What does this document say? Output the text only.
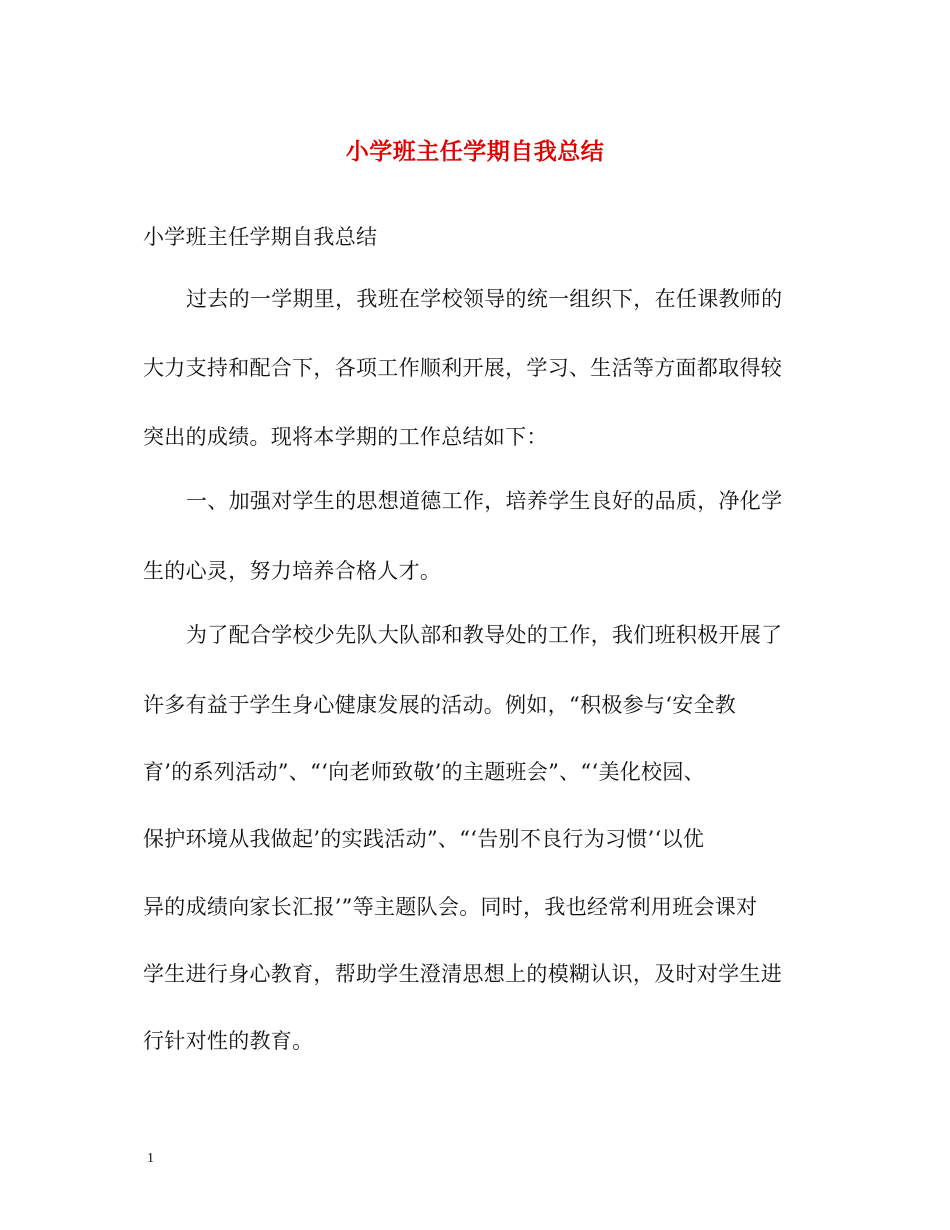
小学班主任学期自我总结
小学班主任学期自我总结
过去的一学期里，我班在学校领导的统一组织下，在任课教师的
大力支持和配合下，各项工作顺利开展，学习、生活等方面都取得较
突出的成绩。现将本学期的工作总结如下：
一、加强对学生的思想道德工作，培养学生良好的品质，净化学
生的心灵，努力培养合格人才。
为了配合学校少先队大队部和教导处的工作，我们班积极开展了
许多有益于学生身心健康发展的活动。例如，“积极参与‘安全教
育’的系列活动”、“‘向老师致敬’的主题班会”、“‘美化校园、
保护环境从我做起’的实践活动”、“‘告别不良行为习惯’‘以优
异的成绩向家长汇报’”等主题队会。同时，我也经常利用班会课对
学生进行身心教育，帮助学生澄清思想上的模糊认识，及时对学生进
行针对性的教育。
1
